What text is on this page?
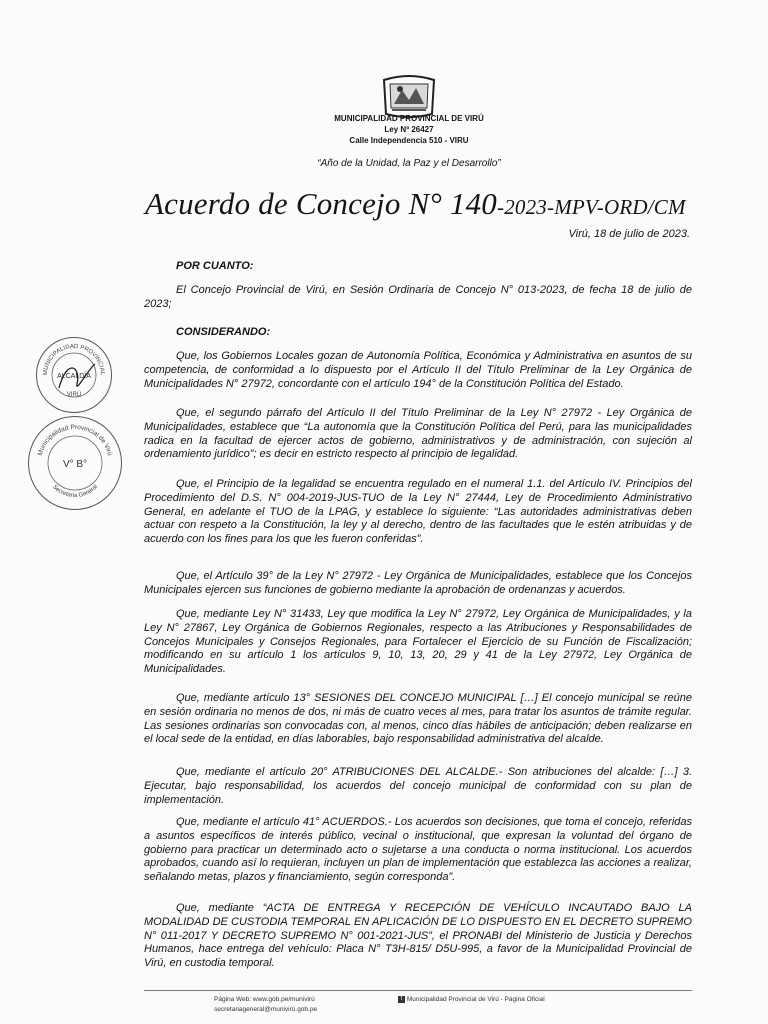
MUNICIPALIDAD PROVINCIAL DE VIRÚ
Ley Nº 26427
Calle Independencia 510 - VIRU
“Año de la Unidad, la Paz y el Desarrollo”
Acuerdo de Concejo N° 140-2023-MPV-ORD/CM
Virú, 18 de julio de 2023.
POR CUANTO:
El Concejo Provincial de Virú, en Sesión Ordinaria de Concejo N° 013-2023, de fecha 18 de julio de 2023;
CONSIDERANDO:
Que, los Gobiernos Locales gozan de Autonomía Política, Económica y Administrativa en asuntos de su competencia, de conformidad a lo dispuesto por el Artículo II del Título Preliminar de la Ley Orgánica de Municipalidades N° 27972, concordante con el artículo 194° de la Constitución Política del Estado.
Que, el segundo párrafo del Artículo II del Título Preliminar de la Ley N° 27972 - Ley Orgánica de Municipalidades, establece que “La autonomía que la Constitución Política del Perú, para las municipalidades radica en la facultad de ejercer actos de gobierno, administrativos y de administración, con sujeción al ordenamiento jurídico”; es decir en estricto respecto al principio de legalidad.
Que, el Principio de la legalidad se encuentra regulado en el numeral 1.1. del Artículo IV. Principios del Procedimiento del D.S. N° 004-2019-JUS-TUO de la Ley N° 27444, Ley de Procedimiento Administrativo General, en adelante el TUO de la LPAG, y establece lo siguiente: “Las autoridades administrativas deben actuar con respeto a la Constitución, la ley y al derecho, dentro de las facultades que le estén atribuidas y de acuerdo con los fines para los que les fueron conferidas”.
Que, el Artículo 39° de la Ley N° 27972 - Ley Orgánica de Municipalidades, establece que los Concejos Municipales ejercen sus funciones de gobierno mediante la aprobación de ordenanzas y acuerdos.
Que, mediante Ley N° 31433, Ley que modifica la Ley N° 27972, Ley Orgánica de Municipalidades, y la Ley N° 27867, Ley Orgánica de Gobiernos Regionales, respecto a las Atribuciones y Responsabilidades de Concejos Municipales y Consejos Regionales, para Fortalecer el Ejercicio de su Función de Fiscalización; modificando en su artículo 1 los artículos 9, 10, 13, 20, 29 y 41 de la Ley 27972, Ley Orgánica de Municipalidades.
Que, mediante artículo 13° SESIONES DEL CONCEJO MUNICIPAL […] El concejo municipal se reúne en sesión ordinaria no menos de dos, ni más de cuatro veces al mes, para tratar los asuntos de trámite regular. Las sesiones ordinarias son convocadas con, al menos, cinco días hábiles de anticipación; deben realizarse en el local sede de la entidad, en días laborables, bajo responsabilidad administrativa del alcalde.
Que, mediante el artículo 20° ATRIBUCIONES DEL ALCALDE.- Son atribuciones del alcalde: […] 3. Ejecutar, bajo responsabilidad, los acuerdos del concejo municipal de conformidad con su plan de implementación.
Que, mediante el artículo 41° ACUERDOS.- Los acuerdos son decisiones, que toma el concejo, referidas a asuntos específicos de interés público, vecinal o institucional, que expresan la voluntad del órgano de gobierno para practicar un determinado acto o sujetarse a una conducta o norma institucional. Los acuerdos aprobados, cuando así lo requieran, incluyen un plan de implementación que establezca las acciones a realizar, señalando metas, plazos y financiamiento, según corresponda”.
Que, mediante “ACTA DE ENTREGA Y RECEPCIÓN DE VEHÍCULO INCAUTADO BAJO LA MODALIDAD DE CUSTODIA TEMPORAL EN APLICACIÓN DE LO DISPUESTO EN EL DECRETO SUPREMO N° 011-2017 Y DECRETO SUPREMO N° 001-2021-JUS”, el PRONABI del Ministerio de Justicia y Derechos Humanos, hace entrega del vehículo: Placa N° T3H-815/ D5U-995, a favor de la Municipalidad Provincial de Virú, en custodia temporal.
MUNICIPALIDAD PROVINCIAL
ALCALDÍA
VIRÚ
Municipalidad Provincial de Virú
V° B°
Secretaría General
Página Web: www.gob.pe/munivirú
secretariageneral@munivirú.gob.pe
f Municipalidad Provincial de Virú - Página Oficial
